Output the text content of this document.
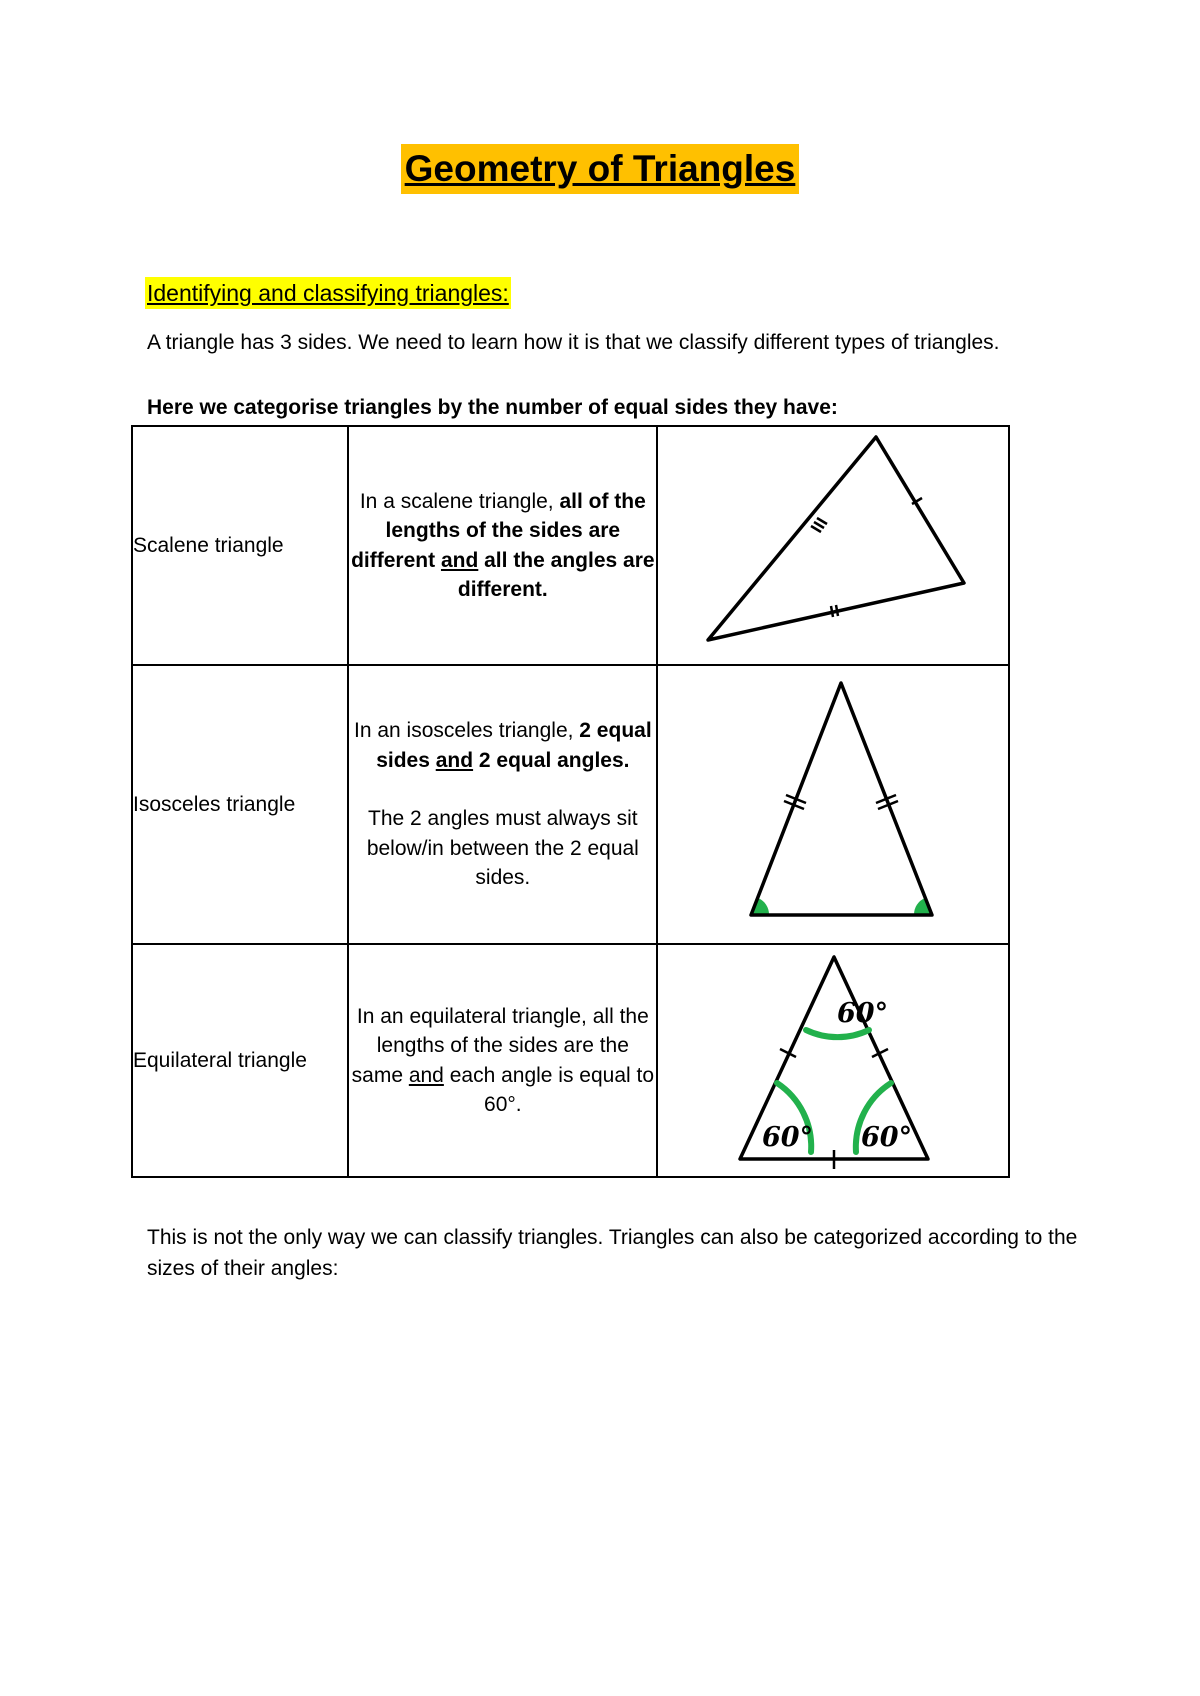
Geometry of Triangles
Identifying and classifying triangles:
A triangle has 3 sides. We need to learn how it is that we classify different types of triangles.
Here we categorise triangles by the number of equal sides they have:
Scalene triangle	In a scalene triangle, all of the lengths of the sides are different and all the angles are different.	
Isosceles triangle	In an isosceles triangle, 2 equal sides and 2 equal angles.
The 2 angles must always sit below/in between the 2 equal sides.

Equilateral triangle	In an equilateral triangle, all the lengths of the sides are the same and each angle is equal to 60°.	60°
60° 60°
This is not the only way we can classify triangles. Triangles can also be categorized according to the sizes of their angles:
